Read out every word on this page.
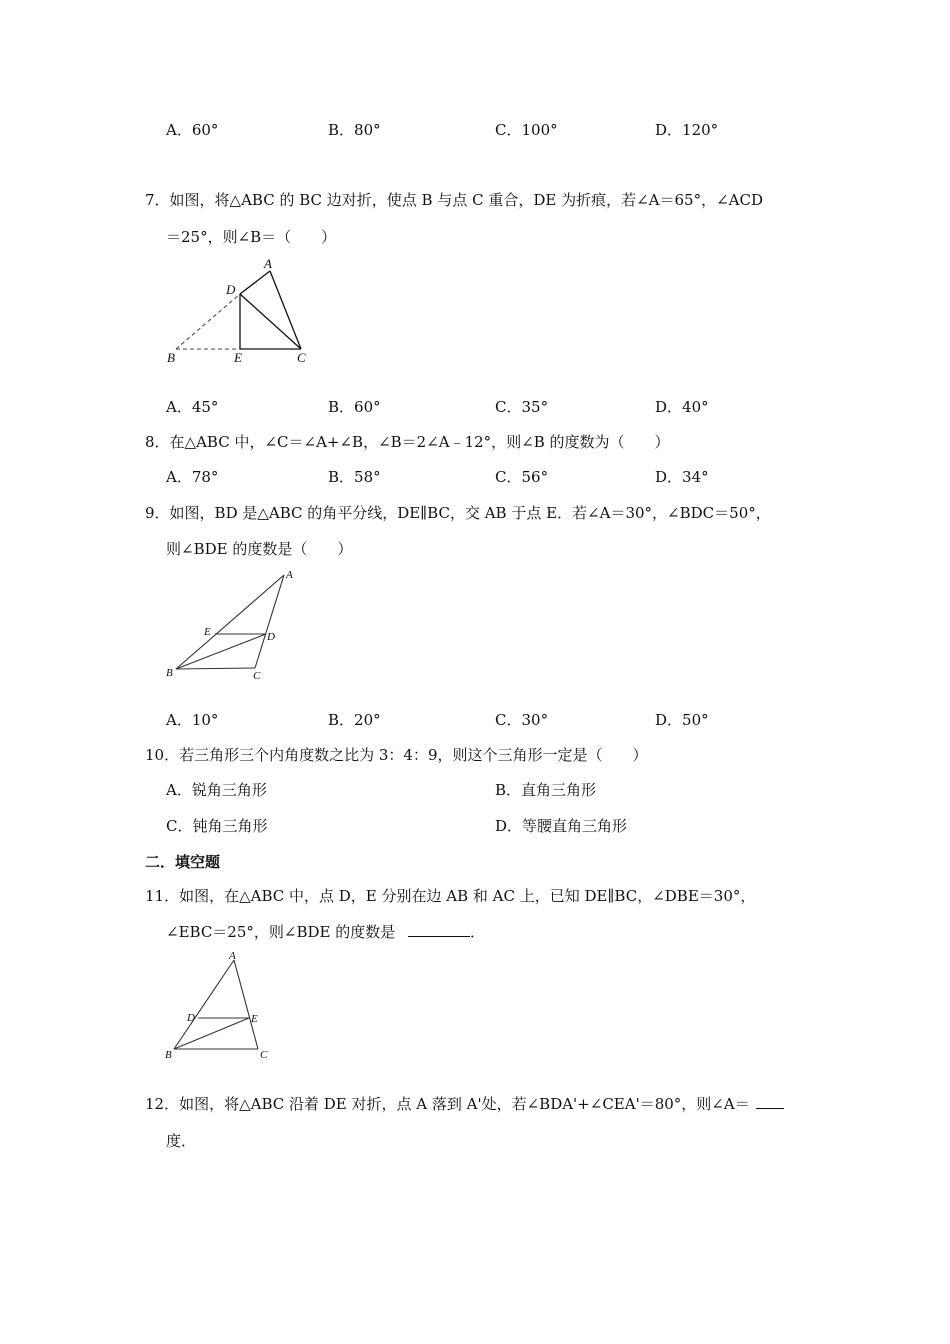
A．60°	B．80°	C．100°	D．120°
7．如图，将△ABC 的 BC 边对折，使点 B 与点 C 重合，DE 为折痕，若∠A＝65°，∠ACD
＝25°，则∠B＝（　　）
A
D
B	E	C
A．45°	B．60°	C．35°	D．40°
8．在△ABC 中，∠C＝∠A+∠B，∠B＝2∠A﹣12°，则∠B 的度数为（　　）
A．78°	B．58°	C．56°	D．34°
9．如图，BD 是△ABC 的角平分线，DE∥BC，交 AB 于点 E．若∠A＝30°，∠BDC＝50°，
则∠BDE 的度数是（　　）
A
E	D
B	C
A．10°	B．20°	C．30°	D．50°
10．若三角形三个内角度数之比为 3：4：9，则这个三角形一定是（　　）
A．锐角三角形	B．直角三角形
C．钝角三角形	D．等腰直角三角形
二．填空题
11．如图，在△ABC 中，点 D，E 分别在边 AB 和 AC 上，已知 DE∥BC，∠DBE＝30°，
∠EBC＝25°，则∠BDE 的度数是	．
A
D	E
B	C
12．如图，将△ABC 沿着 DE 对折，点 A 落到 A'处，若∠BDA'+∠CEA'＝80°，则∠A＝
度．
